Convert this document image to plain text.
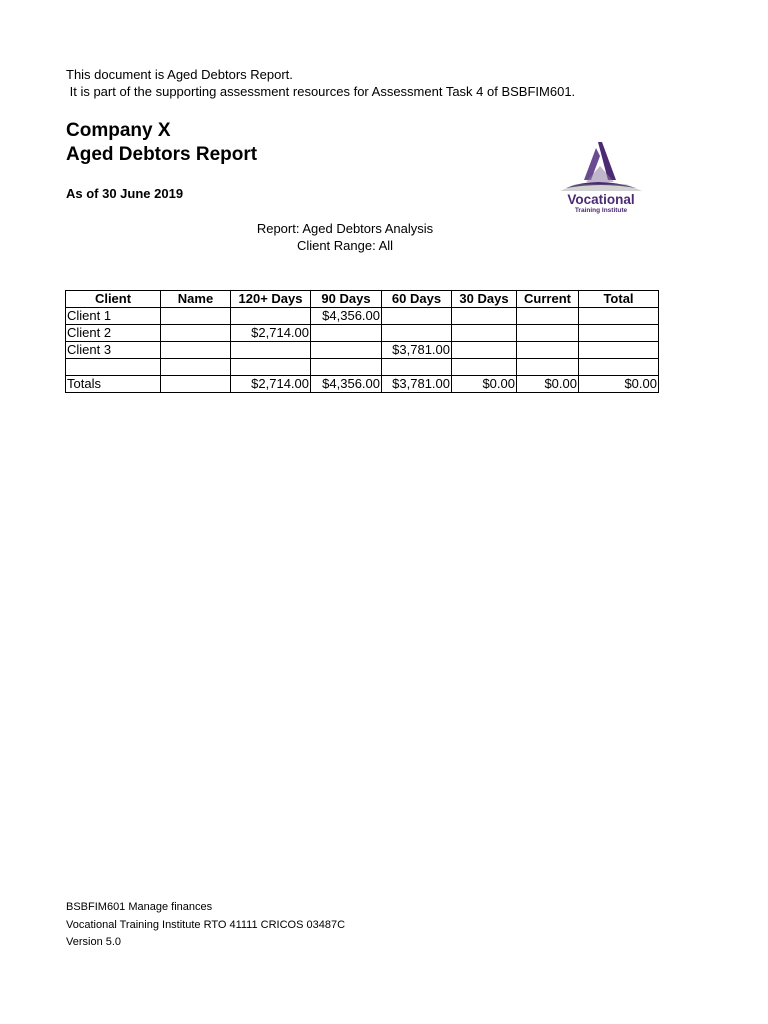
This document is Aged Debtors Report.
It is part of the supporting assessment resources for Assessment Task 4 of BSBFIM601.
Company X
Aged Debtors Report
As of 30 June 2019	Vocational
Training Institute
Report: Aged Debtors Analysis
Client Range: All
Client	Name	120+ Days	90 Days	60 Days	30 Days	Current	Total
Client 1			$4,356.00				
Client 2		$2,714.00					
Client 3				$3,781.00			

Totals		$2,714.00	$4,356.00	$3,781.00	$0.00	$0.00	$0.00
BSBFIM601 Manage finances
Vocational Training Institute RTO 41111 CRICOS 03487C
Version 5.0
